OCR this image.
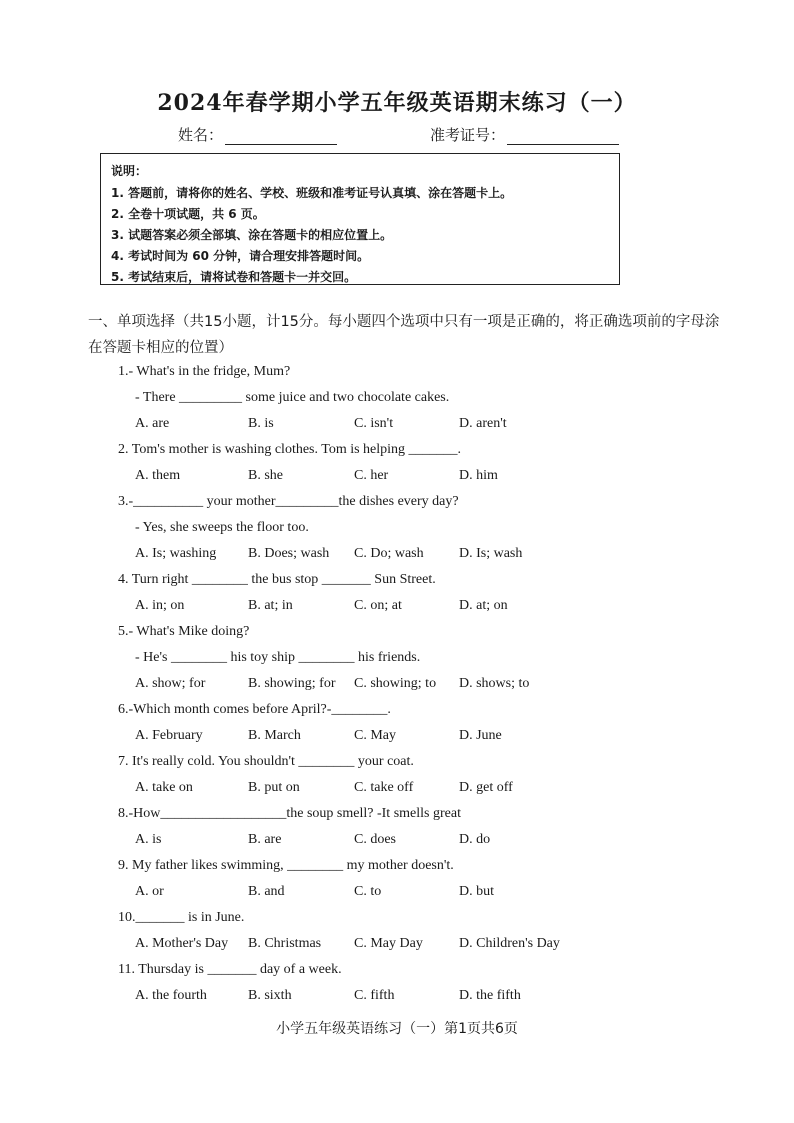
2024年春学期小学五年级英语期末练习（一）
姓名：	准考证号：
说明：
1. 答题前，请将你的姓名、学校、班级和准考证号认真填、涂在答题卡上。
2. 全卷十项试题，共 6 页。
3. 试题答案必须全部填、涂在答题卡的相应位置上。
4. 考试时间为 60 分钟，请合理安排答题时间。
5. 考试结束后，请将试卷和答题卡一并交回。
一、单项选择（共15小题，计15分。每小题四个选项中只有一项是正确的，将正确选项前的字母涂在答题卡相应的位置）
1.- What's in the fridge, Mum?
- There _________ some juice and two chocolate cakes.
A. are	B. is	C. isn't	D. aren't
2. Tom's mother is washing clothes. Tom is helping _______.
A. them	B. she	C. her	D. him
3.-__________ your mother_________the dishes every day?
- Yes, she sweeps the floor too.
A. Is; washing B. Does; wash C. Do; wash	D. Is; wash
4. Turn right ________ the bus stop _______ Sun Street.
A. in; on	B. at; in	C. on; at	D. at; on
5.- What's Mike doing?
- He's ________ his toy ship ________ his friends.
A. show; for	B. showing; for C. showing; to D. shows; to
6.-Which month comes before April?-________.
A. February	B. March	C. May	D. June
7. It's really cold. You shouldn't ________ your coat.
A. take on	B. put on	C. take off	D. get off
8.-How__________________the soup smell? -It smells great
A. is	B. are	C. does	D. do
9. My father likes swimming, ________ my mother doesn't.
A. or	B. and	C. to	D. but
10._______ is in June.
A. Mother's Day B. Christmas C. May Day	D. Children's Day
11. Thursday is _______ day of a week.
A. the fourth	B. sixth	C. fifth	D. the fifth
小学五年级英语练习（一）第1页共6页
